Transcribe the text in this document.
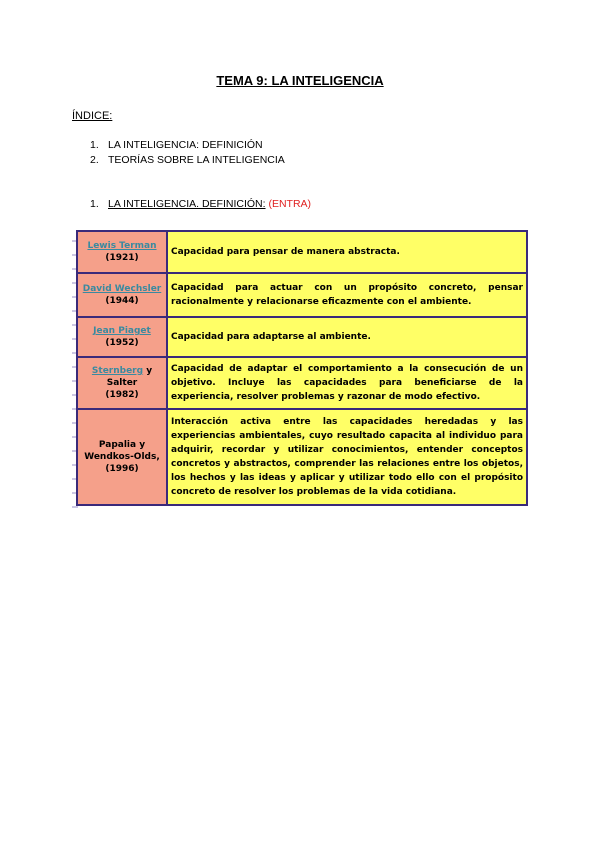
TEMA 9: LA INTELIGENCIA
ÍNDICE:
1. LA INTELIGENCIA: DEFINICIÓN
2. TEORÍAS SOBRE LA INTELIGENCIA
1. LA INTELIGENCIA. DEFINICIÓN: (ENTRA)
Lewis Terman
(1921)	Capacidad para pensar de manera abstracta.
David Wechsler
(1944)	Capacidad para actuar con un propósito concreto, pensar racionalmente y relacionarse eficazmente con el ambiente.
Jean Piaget
(1952)	Capacidad para adaptarse al ambiente.
Sternberg y Salter
(1982)	Capacidad de adaptar el comportamiento a la consecución de un objetivo. Incluye las capacidades para beneficiarse de la experiencia, resolver problemas y razonar de modo efectivo.
Papalia y Wendkos-Olds,
(1996)	Interacción activa entre las capacidades heredadas y las experiencias ambientales, cuyo resultado capacita al individuo para adquirir, recordar y utilizar conocimientos, entender conceptos concretos y abstractos, comprender las relaciones entre los objetos, los hechos y las ideas y aplicar y utilizar todo ello con el propósito concreto de resolver los problemas de la vida cotidiana.
